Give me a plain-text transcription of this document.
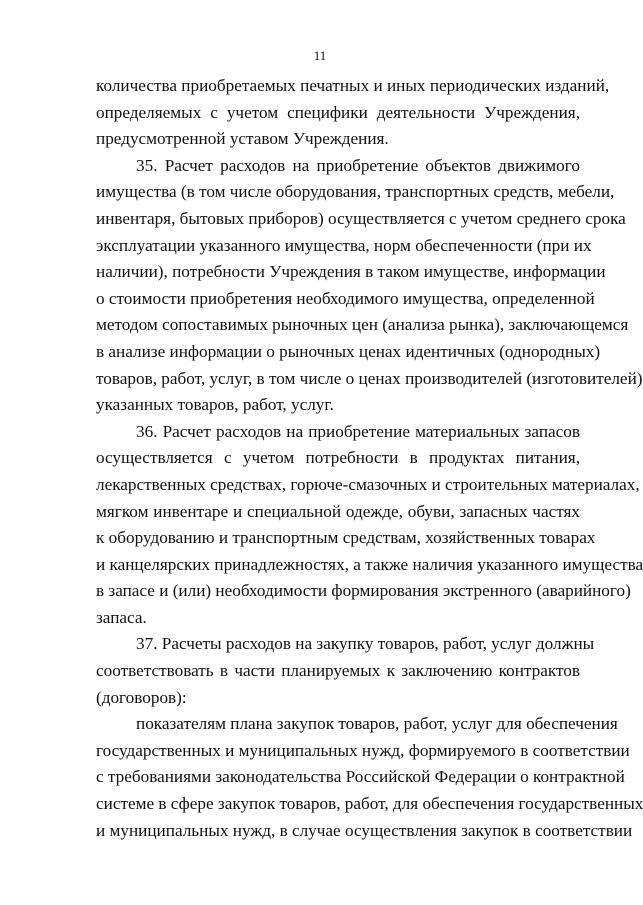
11
количества приобретаемых печатных и иных периодических изданий,
определяемых с учетом специфики деятельности Учреждения,
предусмотренной уставом Учреждения.
35. Расчет расходов на приобретение объектов движимого
имущества (в том числе оборудования, транспортных средств, мебели,
инвентаря, бытовых приборов) осуществляется с учетом среднего срока
эксплуатации указанного имущества, норм обеспеченности (при их
наличии), потребности Учреждения в таком имуществе, информации
о стоимости приобретения необходимого имущества, определенной
методом сопоставимых рыночных цен (анализа рынка), заключающемся
в анализе информации о рыночных ценах идентичных (однородных)
товаров, работ, услуг, в том числе о ценах производителей (изготовителей)
указанных товаров, работ, услуг.
36. Расчет расходов на приобретение материальных запасов
осуществляется с учетом потребности в продуктах питания,
лекарственных средствах, горюче-смазочных и строительных материалах,
мягком инвентаре и специальной одежде, обуви, запасных частях
к оборудованию и транспортным средствам, хозяйственных товарах
и канцелярских принадлежностях, а также наличия указанного имущества
в запасе и (или) необходимости формирования экстренного (аварийного)
запаса.
37. Расчеты расходов на закупку товаров, работ, услуг должны
соответствовать в части планируемых к заключению контрактов
(договоров):
показателям плана закупок товаров, работ, услуг для обеспечения
государственных и муниципальных нужд, формируемого в соответствии
с требованиями законодательства Российской Федерации о контрактной
системе в сфере закупок товаров, работ, для обеспечения государственных
и муниципальных нужд, в случае осуществления закупок в соответствии
